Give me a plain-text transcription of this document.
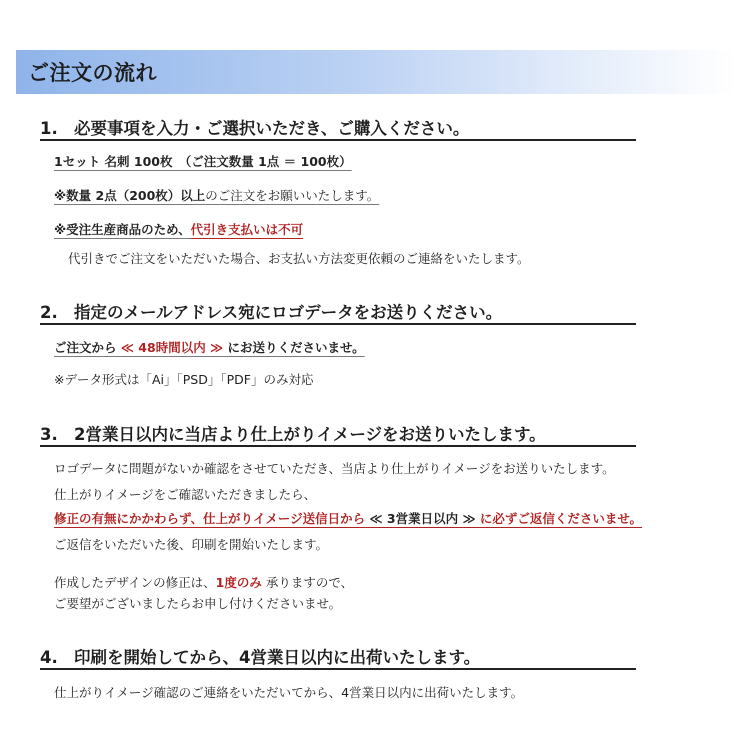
ご注文の流れ
1. 必要事項を入力・ご選択いただき、ご購入ください。
1セット 名刺 100枚　（ご注文数量 1点 ＝ 100枚）
※数量 2点（200枚）以上のご注文をお願いいたします。
※受注生産商品のため、代引き支払いは不可
代引きでご注文をいただいた場合、お支払い方法変更依頼のご連絡をいたします。
2. 指定のメールアドレス宛にロゴデータをお送りください。
ご注文から ≪ 48時間以内 ≫ にお送りくださいませ。
※データ形式は「Ai」「PSD」「PDF」のみ対応
3. 2営業日以内に当店より仕上がりイメージをお送りいたします。
ロゴデータに問題がないか確認をさせていただき、当店より仕上がりイメージをお送りいたします。
仕上がりイメージをご確認いただきましたら、
修正の有無にかかわらず、仕上がりイメージ送信日から ≪ 3営業日以内 ≫ に必ずご返信くださいませ。
ご返信をいただいた後、印刷を開始いたします。
作成したデザインの修正は、1度のみ 承りますので、
ご要望がございましたらお申し付けくださいませ。
4. 印刷を開始してから、4営業日以内に出荷いたします。
仕上がりイメージ確認のご連絡をいただいてから、4営業日以内に出荷いたします。
